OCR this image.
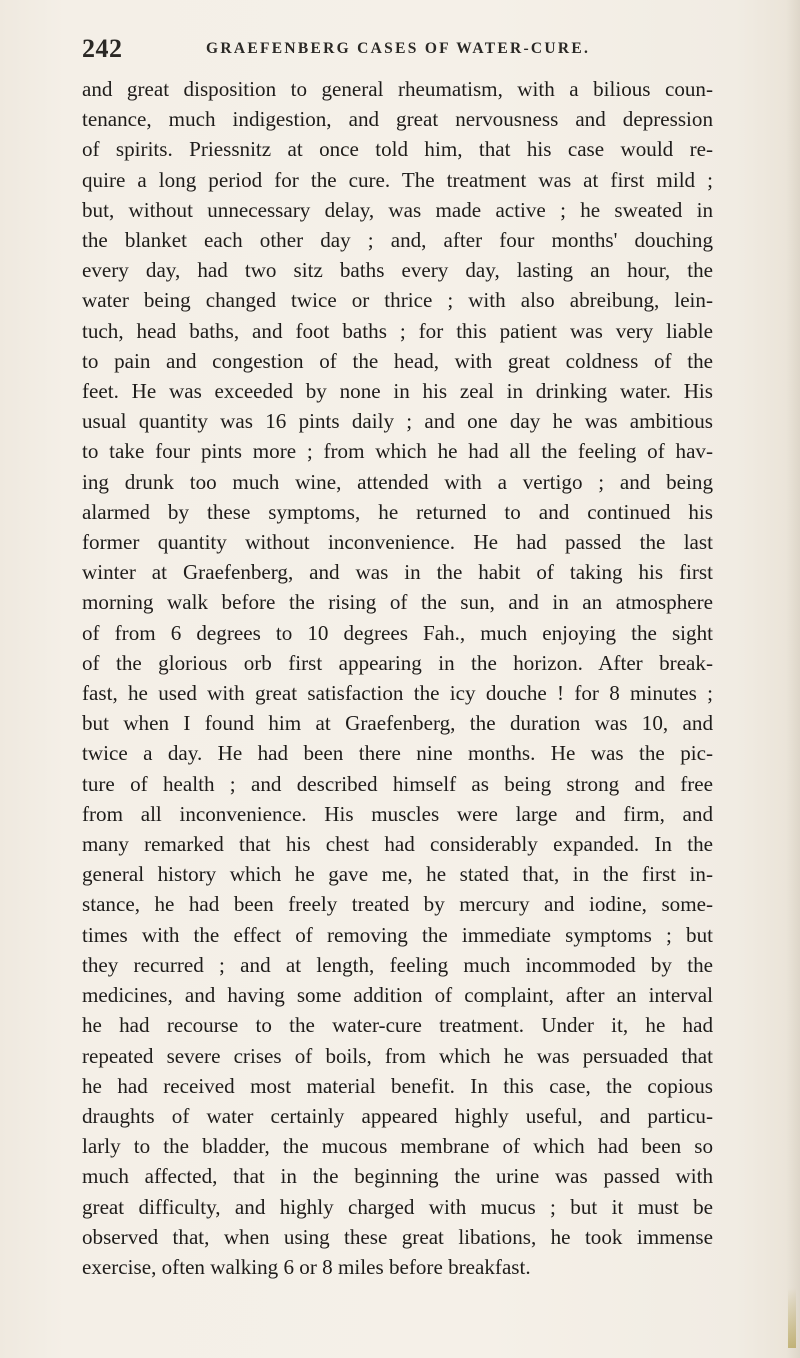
242	GRAEFENBERG CASES OF WATER-CURE.
and great disposition to general rheumatism, with a bilious coun-
tenance, much indigestion, and great nervousness and depression
of spirits. Priessnitz at once told him, that his case would re-
quire a long period for the cure. The treatment was at first mild ;
but, without unnecessary delay, was made active ; he sweated in
the blanket each other day ; and, after four months' douching
every day, had two sitz baths every day, lasting an hour, the
water being changed twice or thrice ; with also abreibung, lein-
tuch, head baths, and foot baths ; for this patient was very liable
to pain and congestion of the head, with great coldness of the
feet. He was exceeded by none in his zeal in drinking water. His
usual quantity was 16 pints daily ; and one day he was ambitious
to take four pints more ; from which he had all the feeling of hav-
ing drunk too much wine, attended with a vertigo ; and being
alarmed by these symptoms, he returned to and continued his
former quantity without inconvenience. He had passed the last
winter at Graefenberg, and was in the habit of taking his first
morning walk before the rising of the sun, and in an atmosphere
of from 6 degrees to 10 degrees Fah., much enjoying the sight
of the glorious orb first appearing in the horizon. After break-
fast, he used with great satisfaction the icy douche ! for 8 minutes ;
but when I found him at Graefenberg, the duration was 10, and
twice a day. He had been there nine months. He was the pic-
ture of health ; and described himself as being strong and free
from all inconvenience. His muscles were large and firm, and
many remarked that his chest had considerably expanded. In the
general history which he gave me, he stated that, in the first in-
stance, he had been freely treated by mercury and iodine, some-
times with the effect of removing the immediate symptoms ; but
they recurred ; and at length, feeling much incommoded by the
medicines, and having some addition of complaint, after an interval
he had recourse to the water-cure treatment. Under it, he had
repeated severe crises of boils, from which he was persuaded that
he had received most material benefit. In this case, the copious
draughts of water certainly appeared highly useful, and particu-
larly to the bladder, the mucous membrane of which had been so
much affected, that in the beginning the urine was passed with
great difficulty, and highly charged with mucus ; but it must be
observed that, when using these great libations, he took immense
exercise, often walking 6 or 8 miles before breakfast.
